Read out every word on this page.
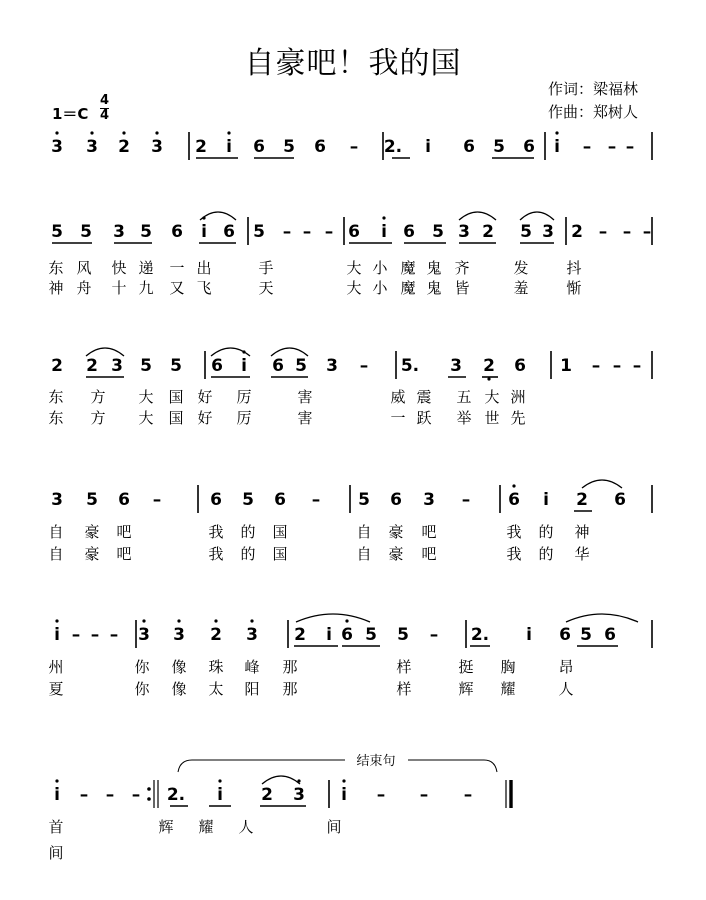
自豪吧！我的国
作词：梁福林
作曲：郑树人
1＝C
4
4
3 3 2 3 2 i 6 5 6 – 2. i 6 5 6 i – – –
5 5 3 5 6 i 6 5 – – – 6 i 6 5 3 2 5 3 2 – – –
东 风 快 递 一 出	手	大 小 魔 鬼 齐	发	抖
神 舟 十 九 又 飞	天	大 小 魔 鬼 皆	羞	惭
2 2 3 5 5 6 i 6 5 3 – 5. 3 2 6 1 – – –
东 方 大 国 好 厉	害	威 震 五 大 洲
东 方 大 国 好 厉	害	一 跃 举 世 先
3 5 6 –	6 5 6 – 5 6 3 – 6 i 2 6
自 豪 吧	我 的 国	自 豪 吧	我 的 神
自 豪 吧	我 的 国	自 豪 吧	我 的 华
i – – – 3 3 2 3 2 i 6 5 5 – 2. i 6 5 6
州	你 像 珠 峰 那	样	挺 胸	昂
夏	你 像 太 阳 那	样	辉 耀	人
i – – – 2. i 2 3 i – – –
首	辉 耀 人	间
间
结束句
